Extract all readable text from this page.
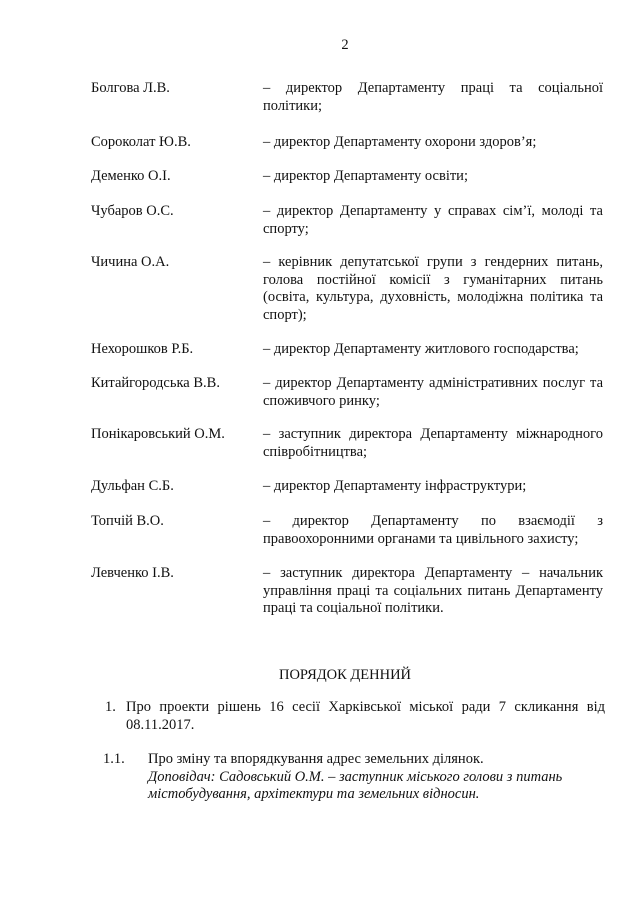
2
Болгова Л.В.	– директор Департаменту праці та соціальної політики;
Сороколат Ю.В.	– директор Департаменту охорони здоров’я;
Деменко О.І.	– директор Департаменту освіти;
Чубаров О.С.	– директор Департаменту у справах сім’ї, молоді та спорту;
Чичина О.А.	– керівник депутатської групи з гендерних питань, голова постійної комісії з гуманітарних питань (освіта, культура, духовність, молодіжна політика та спорт);
Нехорошков Р.Б.	– директор Департаменту житлового господарства;
Китайгородська В.В.	– директор Департаменту адміністративних послуг та споживчого ринку;
Понікаровський О.М.	– заступник директора Департаменту міжнародного співробітництва;
Дульфан С.Б.	– директор Департаменту інфраструктури;
Топчій В.О.	– директор Департаменту по взаємодії з правоохоронними органами та цивільного захисту;
Левченко І.В.	– заступник директора Департаменту – начальник управління праці та соціальних питань Департаменту праці та соціальної політики.
ПОРЯДОК ДЕННИЙ
1. Про проекти рішень 16 сесії Харківської міської ради 7 скликання від 08.11.2017.
1.1. Про зміну та впорядкування адрес земельних ділянок.
Доповідач: Садовський О.М. – заступник міського голови з питань містобудування, архітектури та земельних відносин.
